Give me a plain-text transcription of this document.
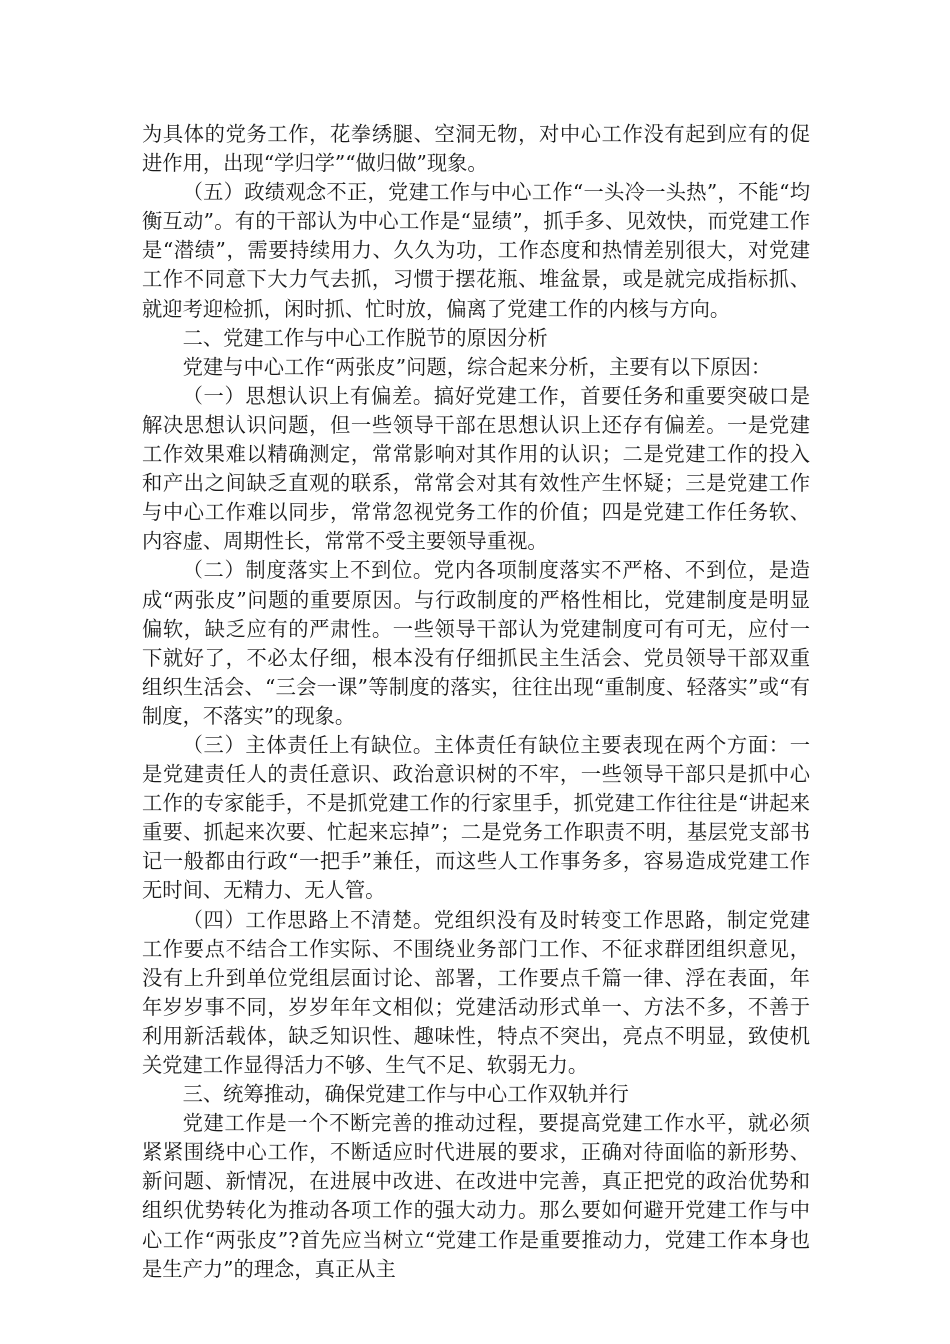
为具体的党务工作，花拳绣腿、空洞无物，对中心工作没有起到应有的促进作用，出现“学归学”“做归做”现象。

（五）政绩观念不正，党建工作与中心工作“一头冷一头热”，不能“均衡互动”。有的干部认为中心工作是“显绩”，抓手多、见效快，而党建工作是“潜绩”，需要持续用力、久久为功，工作态度和热情差别很大，对党建工作不同意下大力气去抓，习惯于摆花瓶、堆盆景，或是就完成指标抓、就迎考迎检抓，闲时抓、忙时放，偏离了党建工作的内核与方向。

二、党建工作与中心工作脱节的原因分析

党建与中心工作“两张皮”问题，综合起来分析，主要有以下原因：

（一）思想认识上有偏差。搞好党建工作，首要任务和重要突破口是解决思想认识问题，但一些领导干部在思想认识上还存有偏差。一是党建工作效果难以精确测定，常常影响对其作用的认识；二是党建工作的投入和产出之间缺乏直观的联系，常常会对其有效性产生怀疑；三是党建工作与中心工作难以同步，常常忽视党务工作的价值；四是党建工作任务软、内容虚、周期性长，常常不受主要领导重视。

（二）制度落实上不到位。党内各项制度落实不严格、不到位，是造成“两张皮”问题的重要原因。与行政制度的严格性相比，党建制度是明显偏软，缺乏应有的严肃性。一些领导干部认为党建制度可有可无，应付一下就好了，不必太仔细，根本没有仔细抓民主生活会、党员领导干部双重组织生活会、“三会一课”等制度的落实，往往出现“重制度、轻落实”或“有制度，不落实”的现象。

（三）主体责任上有缺位。主体责任有缺位主要表现在两个方面：一是党建责任人的责任意识、政治意识树的不牢，一些领导干部只是抓中心工作的专家能手，不是抓党建工作的行家里手，抓党建工作往往是“讲起来重要、抓起来次要、忙起来忘掉”；二是党务工作职责不明，基层党支部书记一般都由行政“一把手”兼任，而这些人工作事务多，容易造成党建工作无时间、无精力、无人管。

（四）工作思路上不清楚。党组织没有及时转变工作思路，制定党建工作要点不结合工作实际、不围绕业务部门工作、不征求群团组织意见，没有上升到单位党组层面讨论、部署，工作要点千篇一律、浮在表面，年年岁岁事不同，岁岁年年文相似；党建活动形式单一、方法不多，不善于利用新活载体，缺乏知识性、趣味性，特点不突出，亮点不明显，致使机关党建工作显得活力不够、生气不足、软弱无力。

三、统筹推动，确保党建工作与中心工作双轨并行

党建工作是一个不断完善的推动过程，要提高党建工作水平，就必须紧紧围绕中心工作，不断适应时代进展的要求，正确对待面临的新形势、新问题、新情况，在进展中改进、在改进中完善，真正把党的政治优势和组织优势转化为推动各项工作的强大动力。那么要如何避开党建工作与中心工作“两张皮”?首先应当树立“党建工作是重要推动力，党建工作本身也是生产力”的理念，真正从主
